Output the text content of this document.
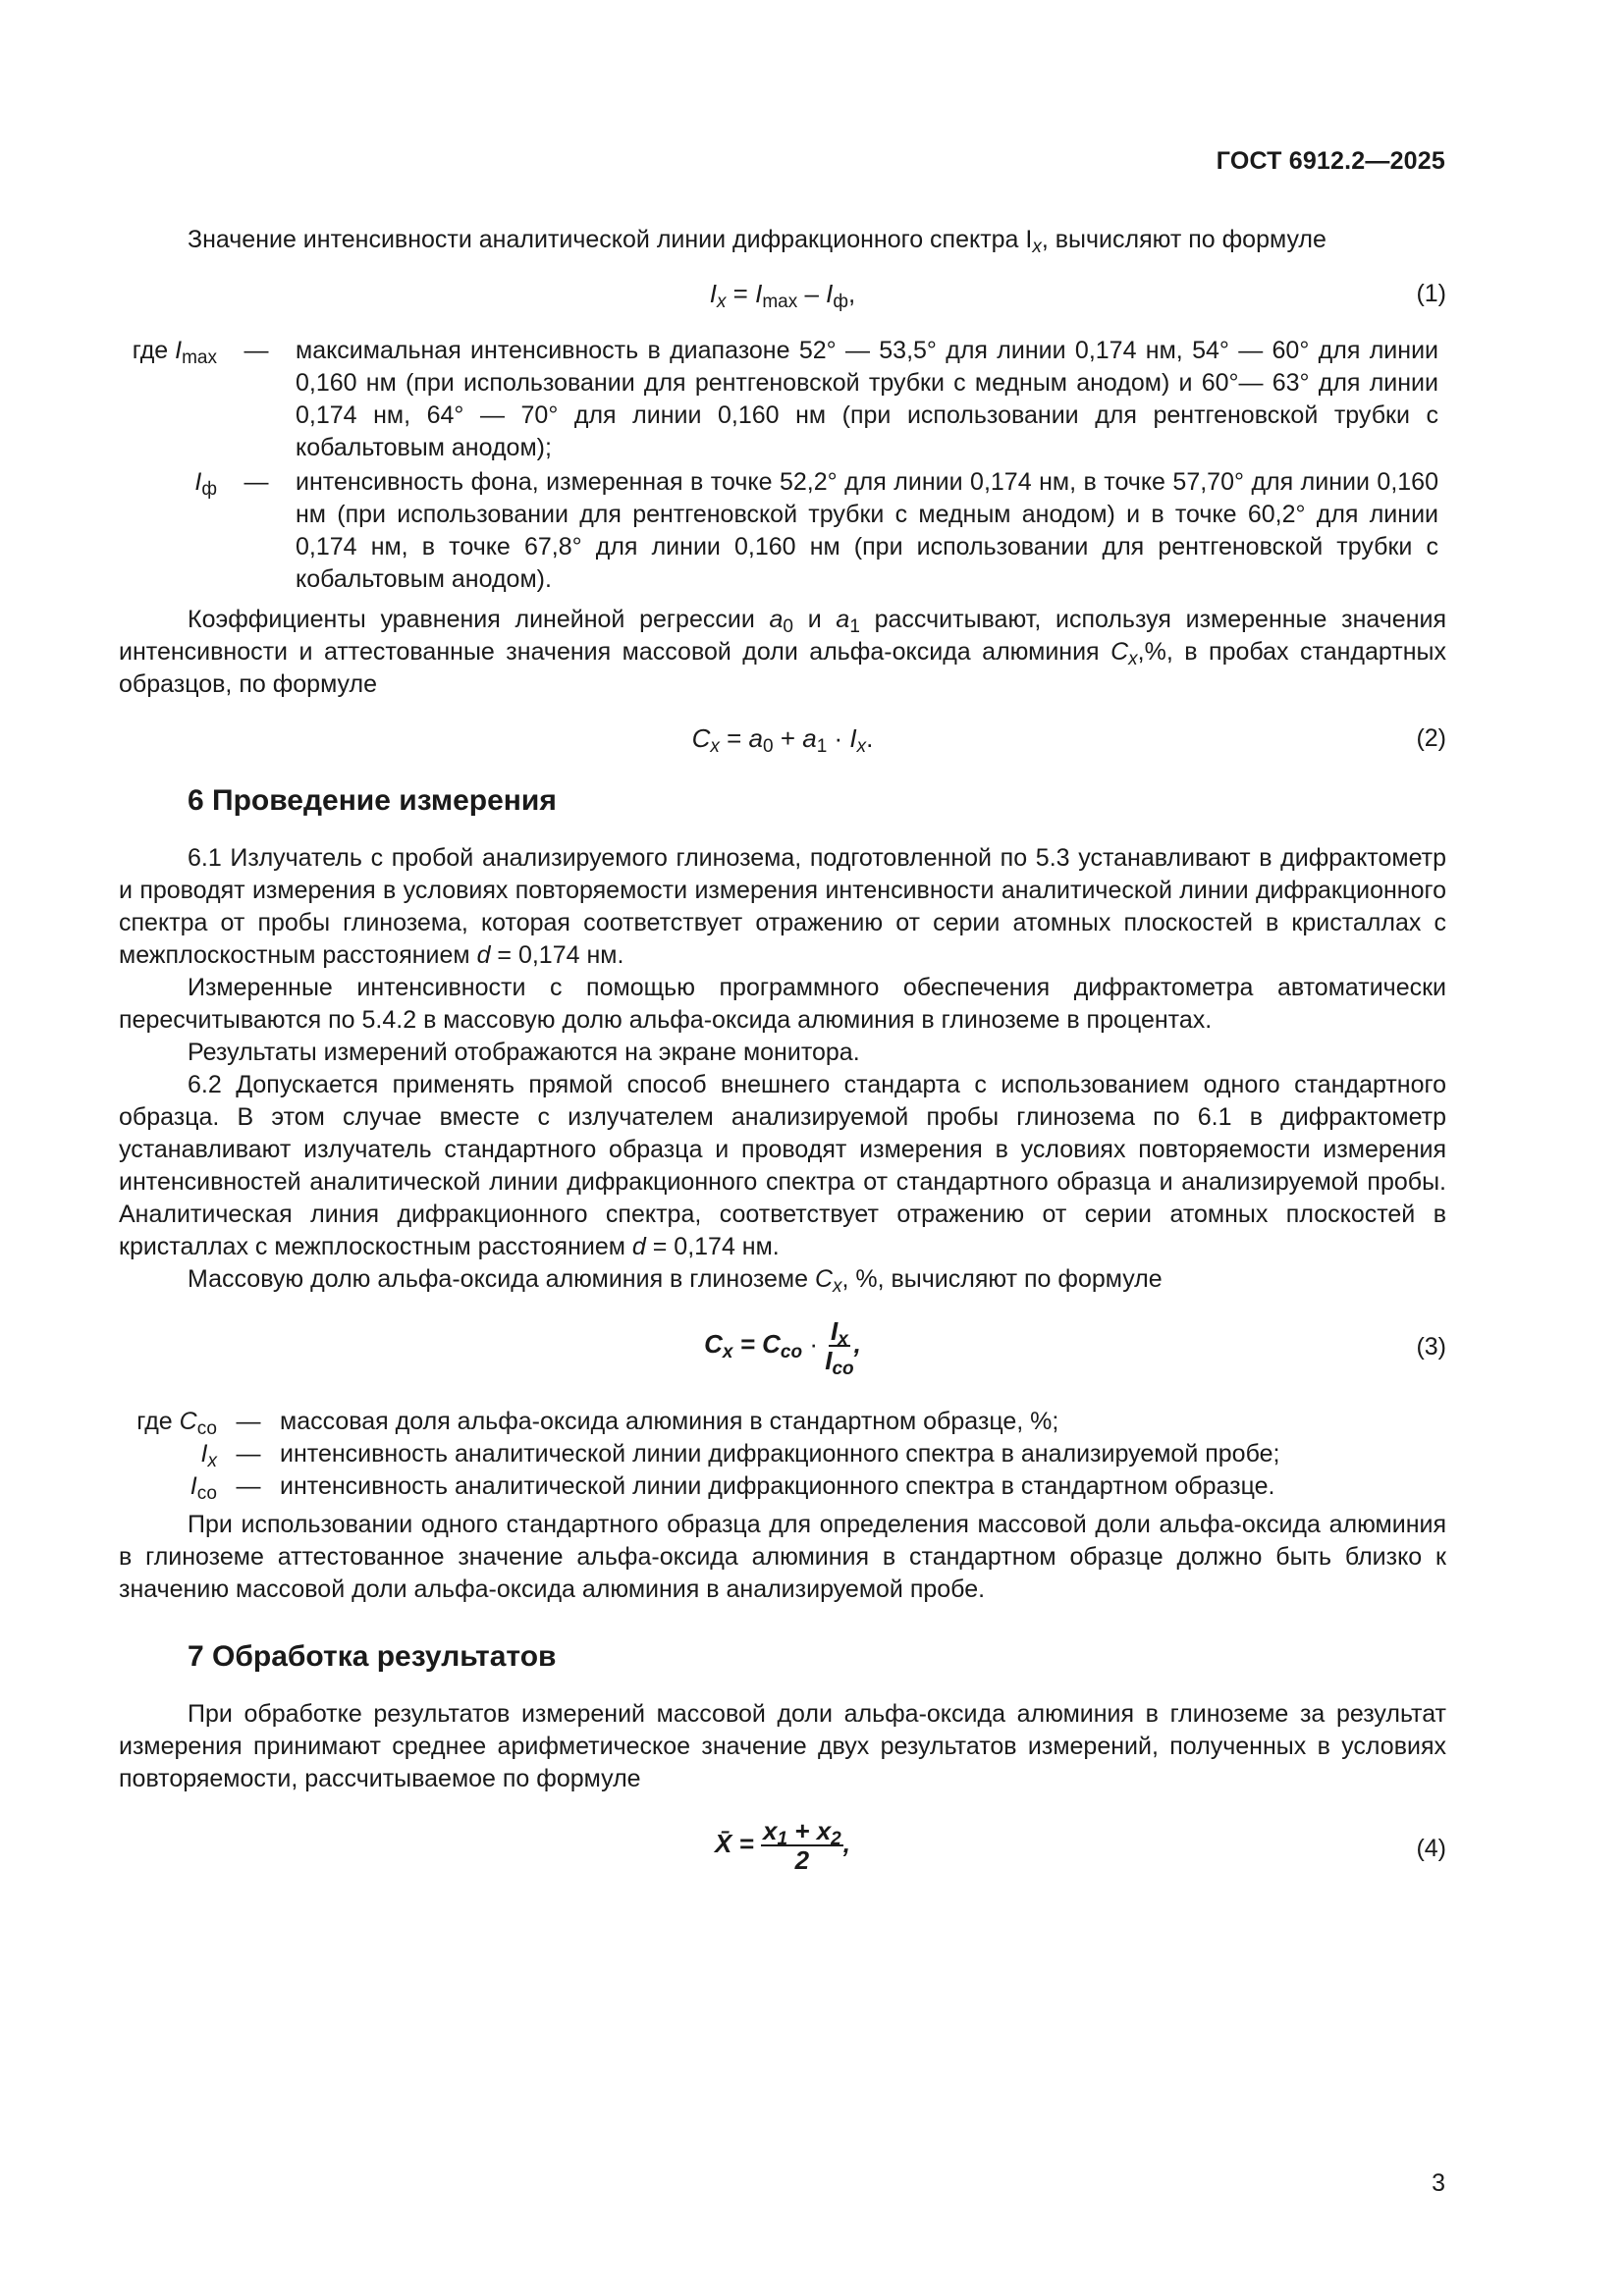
ГОСТ 6912.2—2025

Значение интенсивности аналитической линии дифракционного спектра $I_x$, вычисляют по формуле

$I_x = I_{max} - I_ф$,	(1)
где $I_{max}$	—	максимальная интенсивность в диапазоне 52° — 53,5° для линии 0,174 нм, 54° — 60° для линии 0,160 нм (при использовании для рентгеновской трубки с медным анодом) и 60°— 63° для линии 0,174 нм, 64° — 70° для линии 0,160 нм (при использовании для рентгеновской трубки с кобальтовым анодом);
$I_ф$	—	интенсивность фона, измеренная в точке 52,2° для линии 0,174 нм, в точке 57,70° для линии 0,160 нм (при использовании для рентгеновской трубки с медным анодом) и в точке 60,2° для линии 0,174 нм, в точке 67,8° для линии 0,160 нм (при использовании для рентгеновской трубки с кобальтовым анодом).

Коэффициенты уравнения линейной регрессии $a_0$ и $a_1$ рассчитывают, используя измеренные значения интенсивности и аттестованные значения массовой доли альфа-оксида алюминия $C_x,\%$, в пробах стандартных образцов, по формуле

$C_x = a_0 + a_1 \cdot I_x$.	(2)
6 Проведение измерения

6.1 Излучатель с пробой анализируемого глинозема, подготовленной по 5.3 устанавливают в дифрактометр и проводят измерения в условиях повторяемости измерения интенсивности аналитической линии дифракционного спектра от пробы глинозема, которая соответствует отражению от серии атомных плоскостей в кристаллах с межплоскостным расстоянием d = 0,174 нм.

Измеренные интенсивности с помощью программного обеспечения дифрактометра автоматически пересчитываются по 5.4.2 в массовую долю альфа-оксида алюминия в глиноземе в процентах.

Результаты измерений отображаются на экране монитора.

6.2 Допускается применять прямой способ внешнего стандарта с использованием одного стандартного образца. В этом случае вместе с излучателем анализируемой пробы глинозема по 6.1 в дифрактометр устанавливают излучатель стандартного образца и проводят измерения в условиях повторяемости измерения интенсивностей аналитической линии дифракционного спектра от стандартного образца и анализируемой пробы. Аналитическая линия дифракционного спектра, соответствует отражению от серии атомных плоскостей в кристаллах с межплоскостным расстоянием d = 0,174 нм.

Массовую долю альфа-оксида алюминия в глиноземе $C_x$, %, вычисляют по формуле

$C_x = C_{co} \cdot \frac{I_x}{I_{co}}$ ,	(3)
где $C_{со}$ — массовая доля альфа-оксида алюминия в стандартном образце, %;
$I_x$ — интенсивность аналитической линии дифракционного спектра в анализируемой пробе;
$I_{со}$ — интенсивность аналитической линии дифракционного спектра в стандартном образце.

При использовании одного стандартного образца для определения массовой доли альфа-оксида алюминия в глиноземе аттестованное значение альфа-оксида алюминия в стандартном образце должно быть близко к значению массовой доли альфа-оксида алюминия в анализируемой пробе.

7 Обработка результатов

При обработке результатов измерений массовой доли альфа-оксида алюминия в глиноземе за результат измерения принимают среднее арифметическое значение двух результатов измерений, полученных в условиях повторяемости, рассчитываемое по формуле

X̄ = $\frac{x_1 + x_2}{2}$ ,	(4)
3
